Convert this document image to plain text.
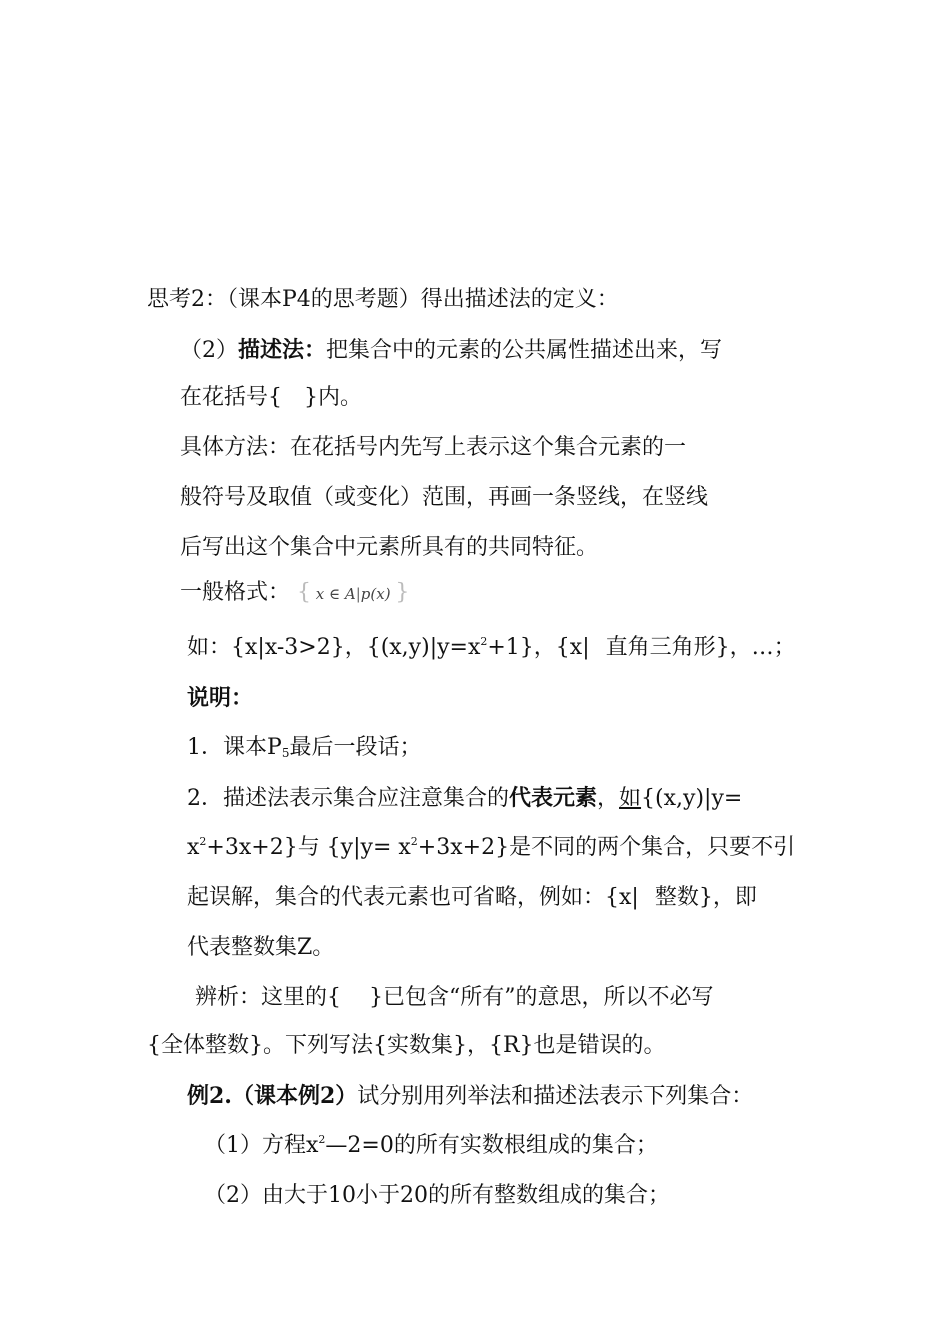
思考2：（课本P4的思考题）得出描述法的定义：
（2）描述法：把集合中的元素的公共属性描述出来，写
在花括号{ }内。
具体方法：在花括号内先写上表示这个集合元素的一
般符号及取值（或变化）范围，再画一条竖线，在竖线
后写出这个集合中元素所具有的共同特征。
一般格式： { x ∈ A|p(x) }
如：{x|x-3>2}，$\{(x,y)|y=x^2+1\}$，{x| 直角三角形}，…；
说明：
1．课本$P_5$最后一段话；
2．描述法表示集合应注意集合的代表元素，如{(x,y)|y=
$x^2+3x+2$}与 $\{y|y= x^2+3x+2\}$是不同的两个集合，只要不引
起误解，集合的代表元素也可省略，例如：{x| 整数}，即
代表整数集Z。
辨析：这里的{ }已包含“所有”的意思，所以不必写
{全体整数}。下列写法{实数集}，{R}也是错误的。
例2.（课本例2）试分别用列举法和描述法表示下列集合：
（1）方程$x^2—2=0$的所有实数根组成的集合；
（2）由大于10小于20的所有整数组成的集合；
